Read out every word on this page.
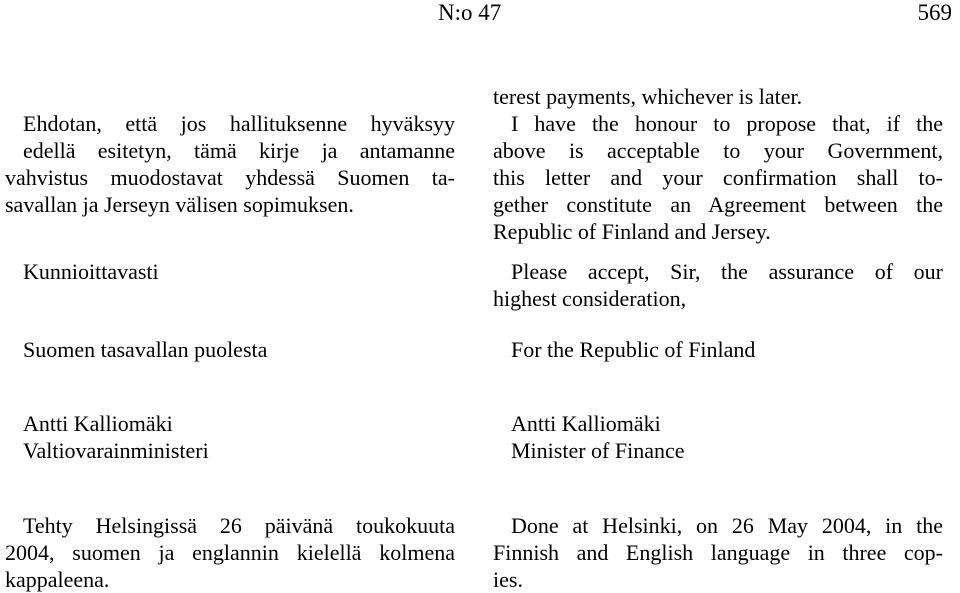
N:o 47	569
Ehdotan, että jos hallituksenne hyväksyy
edellä esitetyn, tämä kirje ja antamanne
vahvistus muodostavat yhdessä Suomen ta-
savallan ja Jerseyn välisen sopimuksen.
Kunnioittavasti
Suomen tasavallan puolesta
Antti Kalliomäki
Valtiovarainministeri
Tehty Helsingissä 26 päivänä toukokuuta
2004, suomen ja englannin kielellä kolmena
kappaleena.
terest payments, whichever is later.
I have the honour to propose that, if the
above is acceptable to your Government,
this letter and your confirmation shall to-
gether constitute an Agreement between the
Republic of Finland and Jersey.
Please accept, Sir, the assurance of our
highest consideration,
For the Republic of Finland
Antti Kalliomäki
Minister of Finance
Done at Helsinki, on 26 May 2004, in the
Finnish and English language in three cop-
ies.
